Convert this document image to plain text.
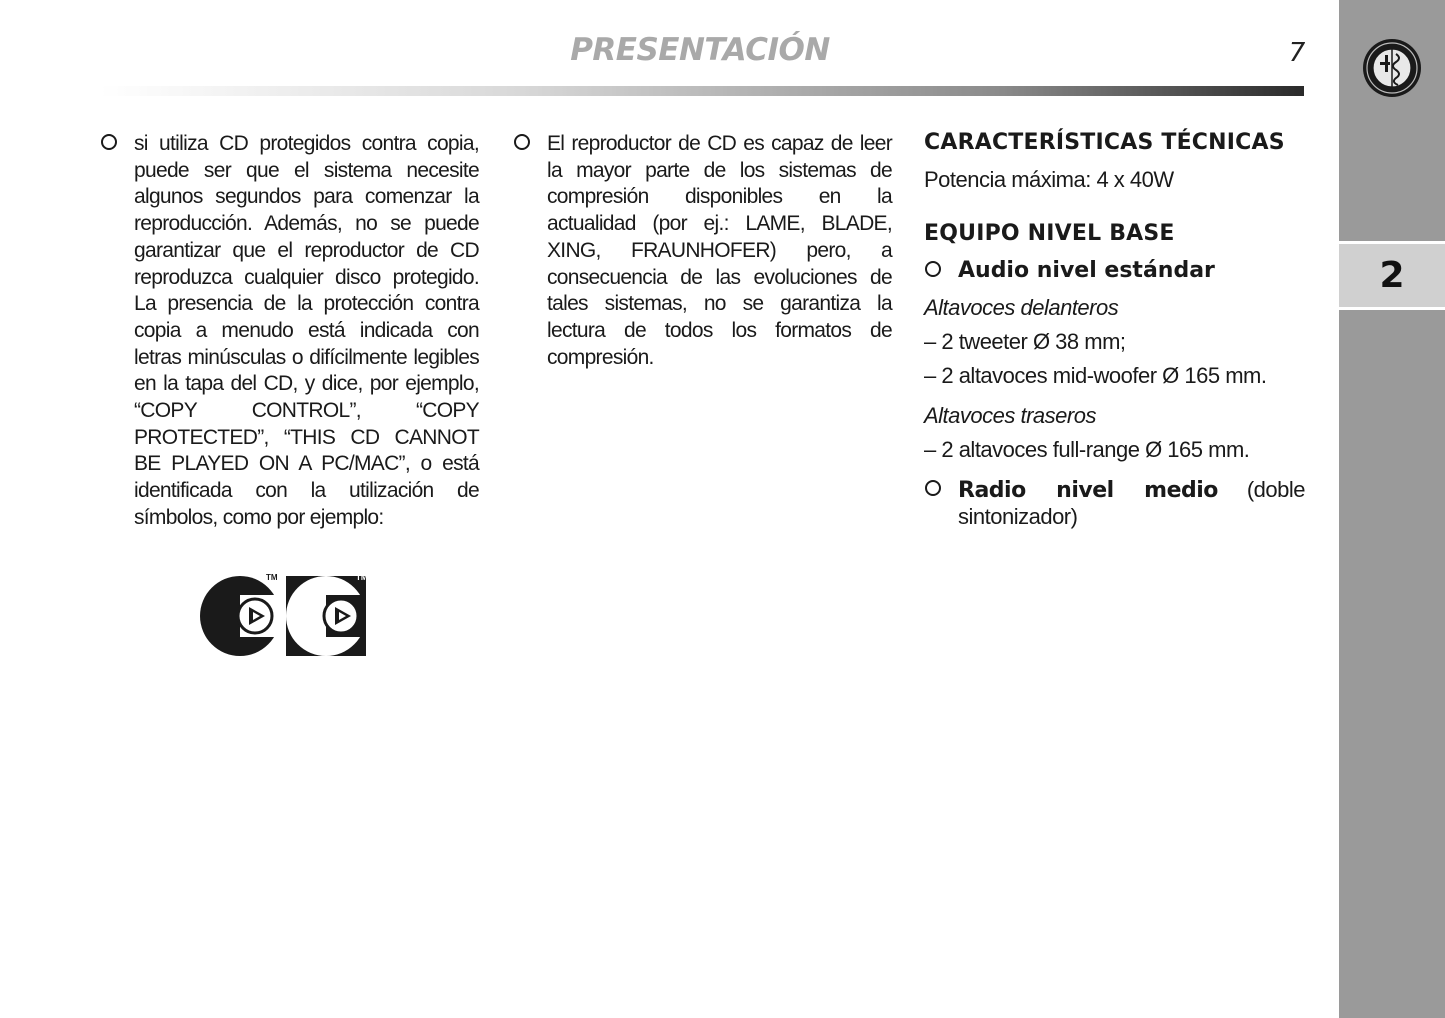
PRESENTACIÓN	7
2

si utiliza CD protegidos contra copia, puede ser que el sistema necesite algunos segundos para comenzar la reproducción. Además, no se puede garantizar que el reproductor de CD reproduzca cualquier disco protegido. La presencia de la protección contra copia a menudo está indicada con letras minúsculas o difícilmente legibles en la tapa del CD, y dice, por ejemplo, “COPY CONTROL”, “COPY PROTECTED”, “THIS CD CANNOT BE PLAYED ON A PC/MAC”, o está identificada con la utilización de símbolos, como por ejemplo:

TM	TM

El reproductor de CD es capaz de leer la mayor parte de los sistemas de compresión disponibles en la actualidad (por ej.: LAME, BLADE, XING, FRAUNHOFER) pero, a consecuencia de las evoluciones de tales sistemas, no se garantiza la lectura de todos los formatos de compresión.

CARACTERÍSTICAS TÉCNICAS
Potencia máxima: 4 x 40W
EQUIPO NIVEL BASE
Audio nivel estándar
Altavoces delanteros
– 2 tweeter Ø 38 mm;
– 2 altavoces mid-woofer Ø 165 mm.
Altavoces traseros
– 2 altavoces full-range Ø 165 mm.
Radio nivel medio (doble sintonizador)
